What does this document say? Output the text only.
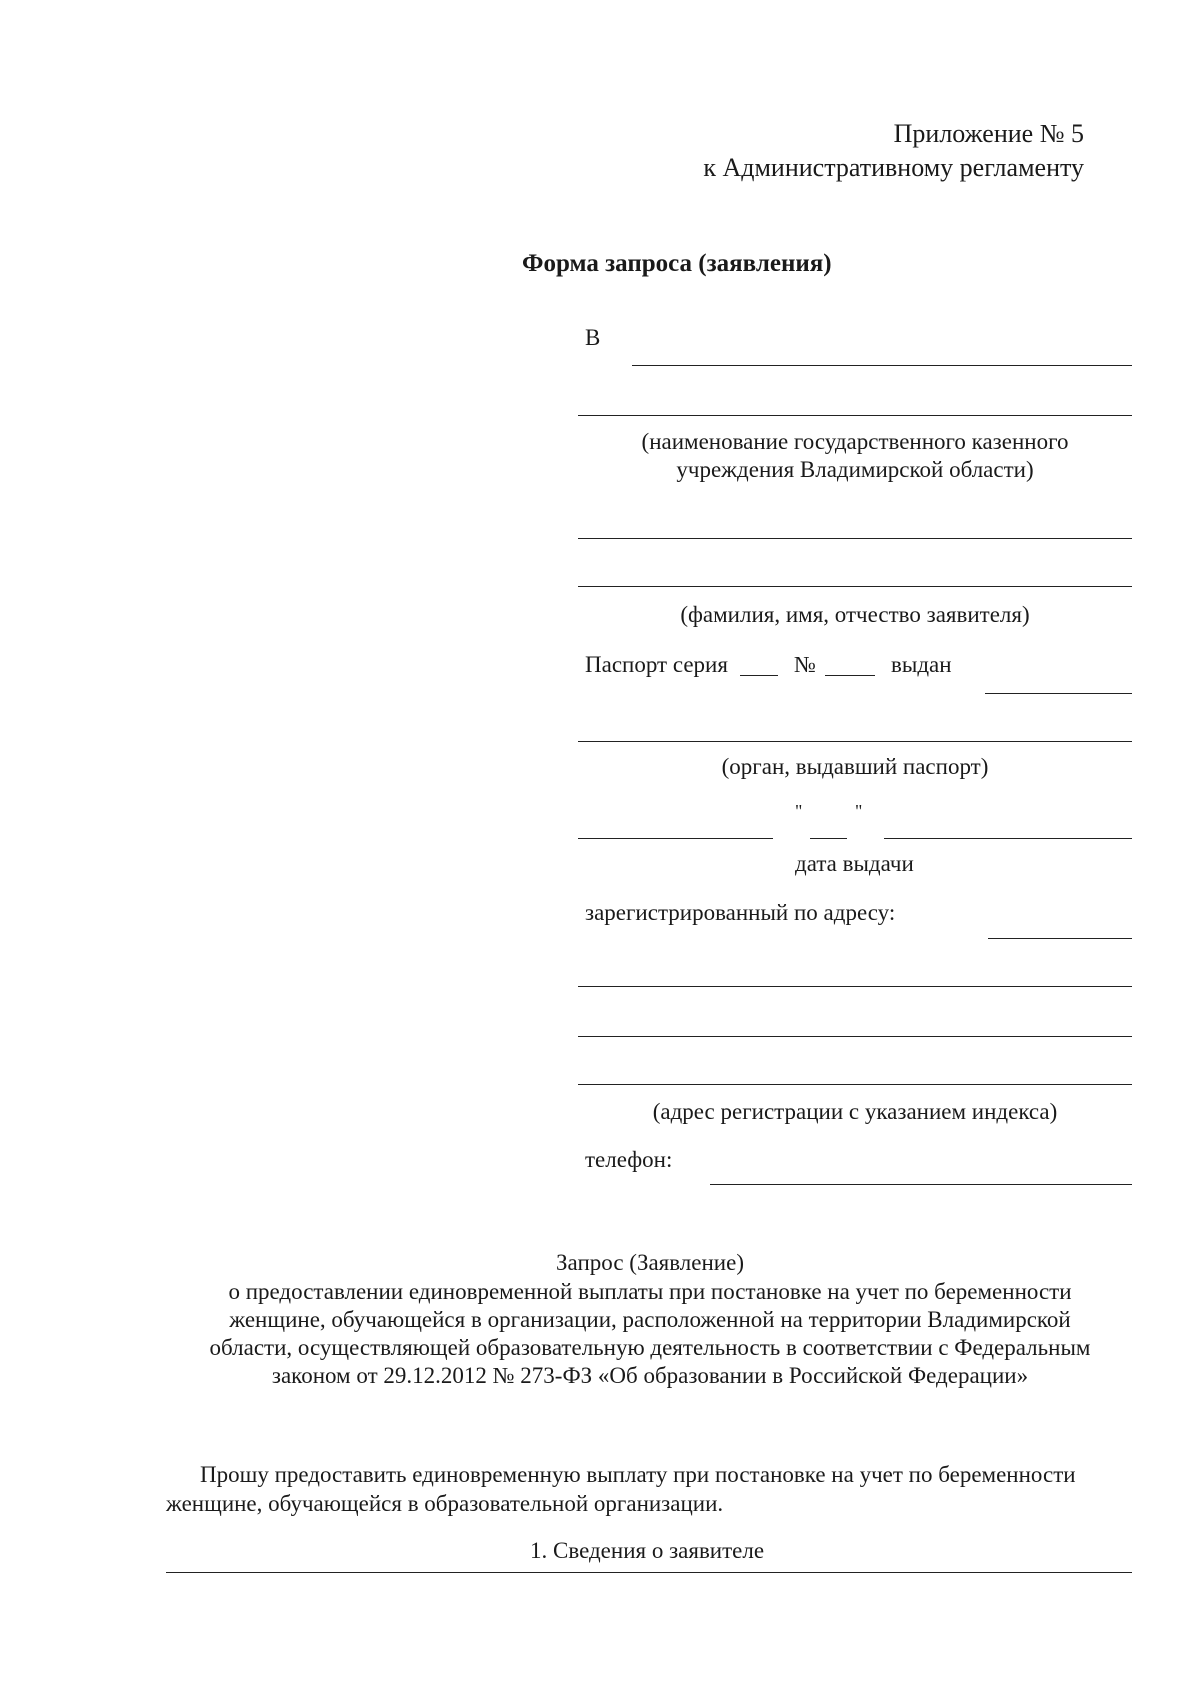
Приложение № 5
к Административному регламенту
Форма запроса (заявления)
В
(наименование государственного казенного
учреждения Владимирской области)
(фамилия, имя, отчество заявителя)
Паспорт серия	№	выдан
(орган, выдавший паспорт)
"	"
дата выдачи
зарегистрированный по адресу:
(адрес регистрации с указанием индекса)
телефон:
Запрос (Заявление)
о предоставлении единовременной выплаты при постановке на учет по беременности
женщине, обучающейся в организации, расположенной на территории Владимирской
области, осуществляющей образовательную деятельность в соответствии с Федеральным
законом от 29.12.2012 № 273-ФЗ «Об образовании в Российской Федерации»
Прошу предоставить единовременную выплату при постановке на учет по беременности
женщине, обучающейся в образовательной организации.
1. Сведения о заявителе
